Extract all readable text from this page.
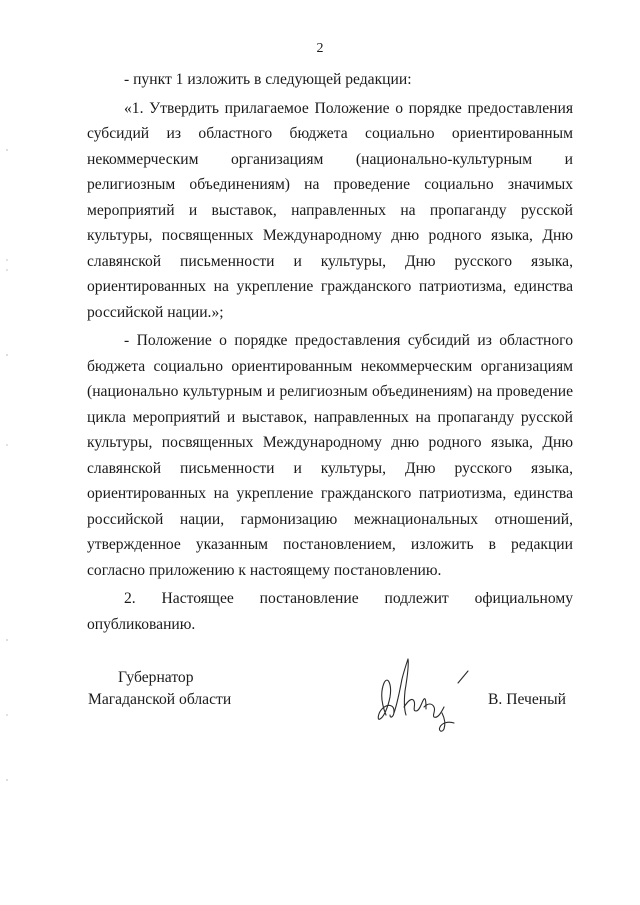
2

- пункт 1 изложить в следующей редакции:

«1. Утвердить прилагаемое Положение о порядке предоставления субсидий из областного бюджета социально ориентированным некоммерческим организациям (национально-культурным и религиозным объединениям) на проведение социально значимых мероприятий и выставок, направленных на пропаганду русской культуры, посвященных Международному дню родного языка, Дню славянской письменности и культуры, Дню русского языка, ориентированных на укрепление гражданского патриотизма, единства российской нации.»;

- Положение о порядке предоставления субсидий из областного бюджета социально ориентированным некоммерческим организациям (национально культурным и религиозным объединениям) на проведение цикла мероприятий и выставок, направленных на пропаганду русской культуры, посвященных Международному дню родного языка, Дню славянской письменности и культуры, Дню русского языка, ориентированных на укрепление гражданского патриотизма, единства российской нации, гармонизацию межнациональных отношений, утвержденное указанным постановлением, изложить в редакции согласно приложению к настоящему постановлению.

2. Настоящее постановление подлежит официальному опубликованию.

Губернатор
Магаданской области	В. Печеный
